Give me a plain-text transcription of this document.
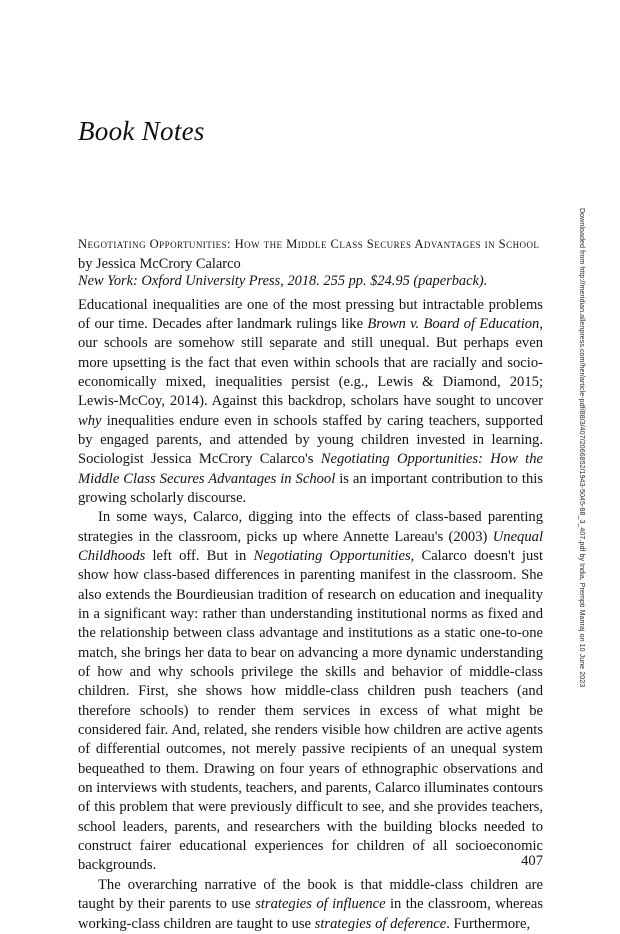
Book Notes
Negotiating Opportunities: How the Middle Class Secures Advantages in School

by Jessica McCrory Calarco

New York: Oxford University Press, 2018. 255 pp. $24.95 (paperback).

Educational inequalities are one of the most pressing but intractable problems of our time. Decades after landmark rulings like Brown v. Board of Education, our schools are somehow still separate and still unequal. But perhaps even more upsetting is the fact that even within schools that are racially and socio-economically mixed, inequalities persist (e.g., Lewis & Diamond, 2015; Lewis-McCoy, 2014). Against this backdrop, scholars have sought to uncover why inequalities endure even in schools staffed by caring teachers, supported by engaged parents, and attended by young children invested in learning. Sociologist Jessica McCrory Calarco's Negotiating Opportunities: How the Middle Class Secures Advantages in School is an important contribution to this growing scholarly discourse.

In some ways, Calarco, digging into the effects of class-based parenting strategies in the classroom, picks up where Annette Lareau's (2003) Unequal Childhoods left off. But in Negotiating Opportunities, Calarco doesn't just show how class-based differences in parenting manifest in the classroom. She also extends the Bourdieusian tradition of research on education and inequality in a significant way: rather than understanding institutional norms as fixed and the relationship between class advantage and institutions as a static one-to-one match, she brings her data to bear on advancing a more dynamic understanding of how and why schools privilege the skills and behavior of middle-class children. First, she shows how middle-class children push teachers (and therefore schools) to render them services in excess of what might be considered fair. And, related, she renders visible how children are active agents of differential outcomes, not merely passive recipients of an unequal system bequeathed to them. Drawing on four years of ethnographic observations and on interviews with students, teachers, and parents, Calarco illuminates contours of this problem that were previously difficult to see, and she provides teachers, school leaders, parents, and researchers with the building blocks needed to construct fairer educational experiences for children of all socioeconomic backgrounds.

The overarching narrative of the book is that middle-class children are taught by their parents to use strategies of influence in the classroom, whereas working-class children are taught to use strategies of deference. Furthermore,

407
Downloaded from http://meridian.allenpress.com/her/article-pdf/88/3/407/2066852/1943-5045-88_3_407.pdf by India, Prempti Manraj on 10 June 2023
